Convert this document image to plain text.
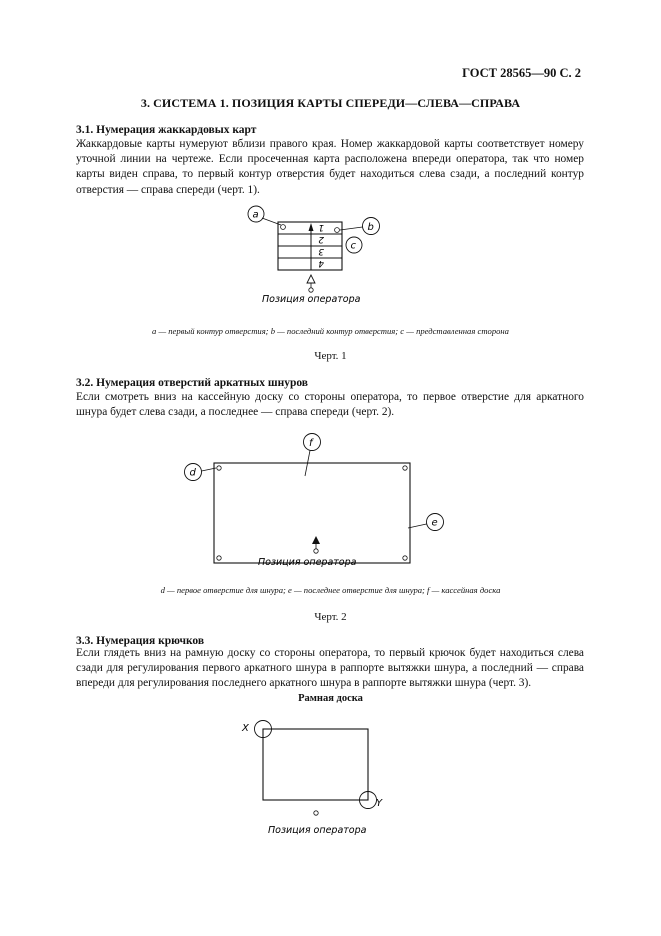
ГОСТ 28565—90 С. 2
3. СИСТЕМА 1. ПОЗИЦИЯ КАРТЫ СПЕРЕДИ—СЛЕВА—СПРАВА
3.1. Нумерация жаккардовых карт
Жаккардовые карты нумеруют вблизи правого края. Номер жаккардовой карты соответствует номеру уточной линии на чертеже. Если просеченная карта расположена впереди оператора, так что номер карты виден справа, то первый контур отверстия будет находиться слева сзади, а последний контур отверстия — справа спереди (черт. 1).
1
2
3
4
a
b
c
Позиция оператора
a — первый контур отверстия; b — последний контур отверстия; c — представленная сторона
Черт. 1
3.2. Нумерация отверстий аркатных шнуров
Если смотреть вниз на кассейную доску со стороны оператора, то первое отверстие для аркатного шнура будет слева сзади, а последнее — справа спереди (черт. 2).
d
e
f
Позиция оператора
d — первое отверстие для шнура; e — последнее отверстие для шнура; f — кассейная доска
Черт. 2
3.3. Нумерация крючков
Если глядеть вниз на рамную доску со стороны оператора, то первый крючок будет находиться слева сзади для регулирования первого аркатного шнура в раппорте вытяжки шнура, а последний — справа впереди для регулирования последнего аркатного шнура в раппорте вытяжки шнура (черт. 3).
Рамная доска
X
Y
Позиция оператора
